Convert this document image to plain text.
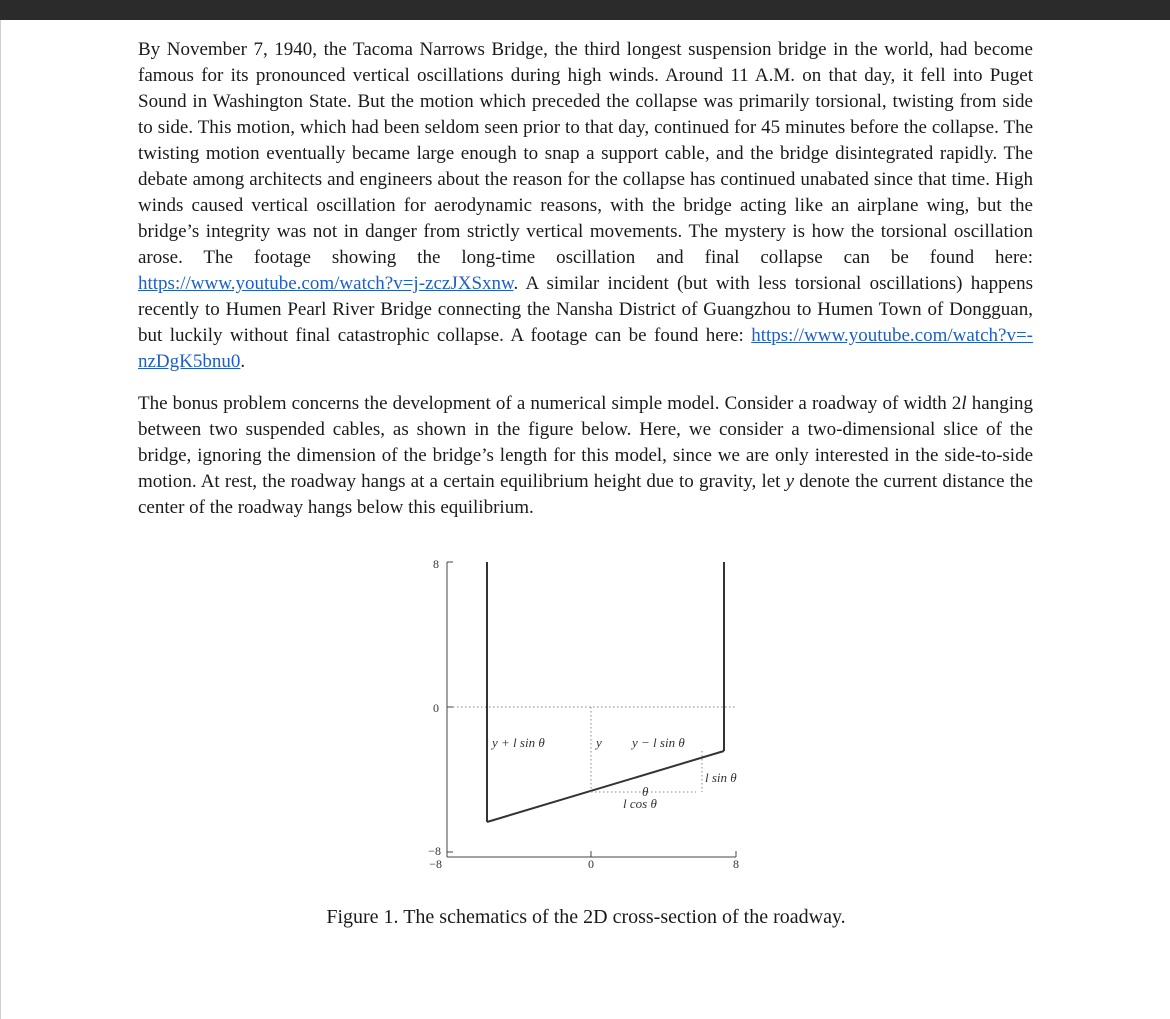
By November 7, 1940, the Tacoma Narrows Bridge, the third longest suspension bridge in the world, had become famous for its pronounced vertical oscillations during high winds. Around 11 A.M. on that day, it fell into Puget Sound in Washington State. But the motion which preceded the collapse was primarily torsional, twisting from side to side. This motion, which had been seldom seen prior to that day, continued for 45 minutes before the collapse. The twisting motion eventually became large enough to snap a support cable, and the bridge disintegrated rapidly. The debate among architects and engineers about the reason for the collapse has continued unabated since that time. High winds caused vertical oscillation for aerodynamic reasons, with the bridge acting like an airplane wing, but the bridge’s integrity was not in danger from strictly vertical movements. The mystery is how the torsional oscillation arose. The footage showing the long-time oscillation and final collapse can be found here: https://www.youtube.com/watch?v=j-zczJXSxnw. A similar incident (but with less torsional oscillations) happens recently to Humen Pearl River Bridge connecting the Nansha District of Guangzhou to Humen Town of Dongguan, but luckily without final catastrophic collapse. A footage can be found here: https://www.youtube.com/watch?v=-nzDgK5bnu0.

The bonus problem concerns the development of a numerical simple model. Consider a roadway of width 2l hanging between two suspended cables, as shown in the figure below. Here, we consider a two-dimensional slice of the bridge, ignoring the dimension of the bridge’s length for this model, since we are only interested in the side-to-side motion. At rest, the roadway hangs at a certain equilibrium height due to gravity, let y denote the current distance the center of the roadway hangs below this equilibrium.

8
0
−8
−8	0	8
y + l sin θ	y y − l sin θ
l sin θ
θ
l cos θ
Figure 1. The schematics of the 2D cross-section of the roadway.
